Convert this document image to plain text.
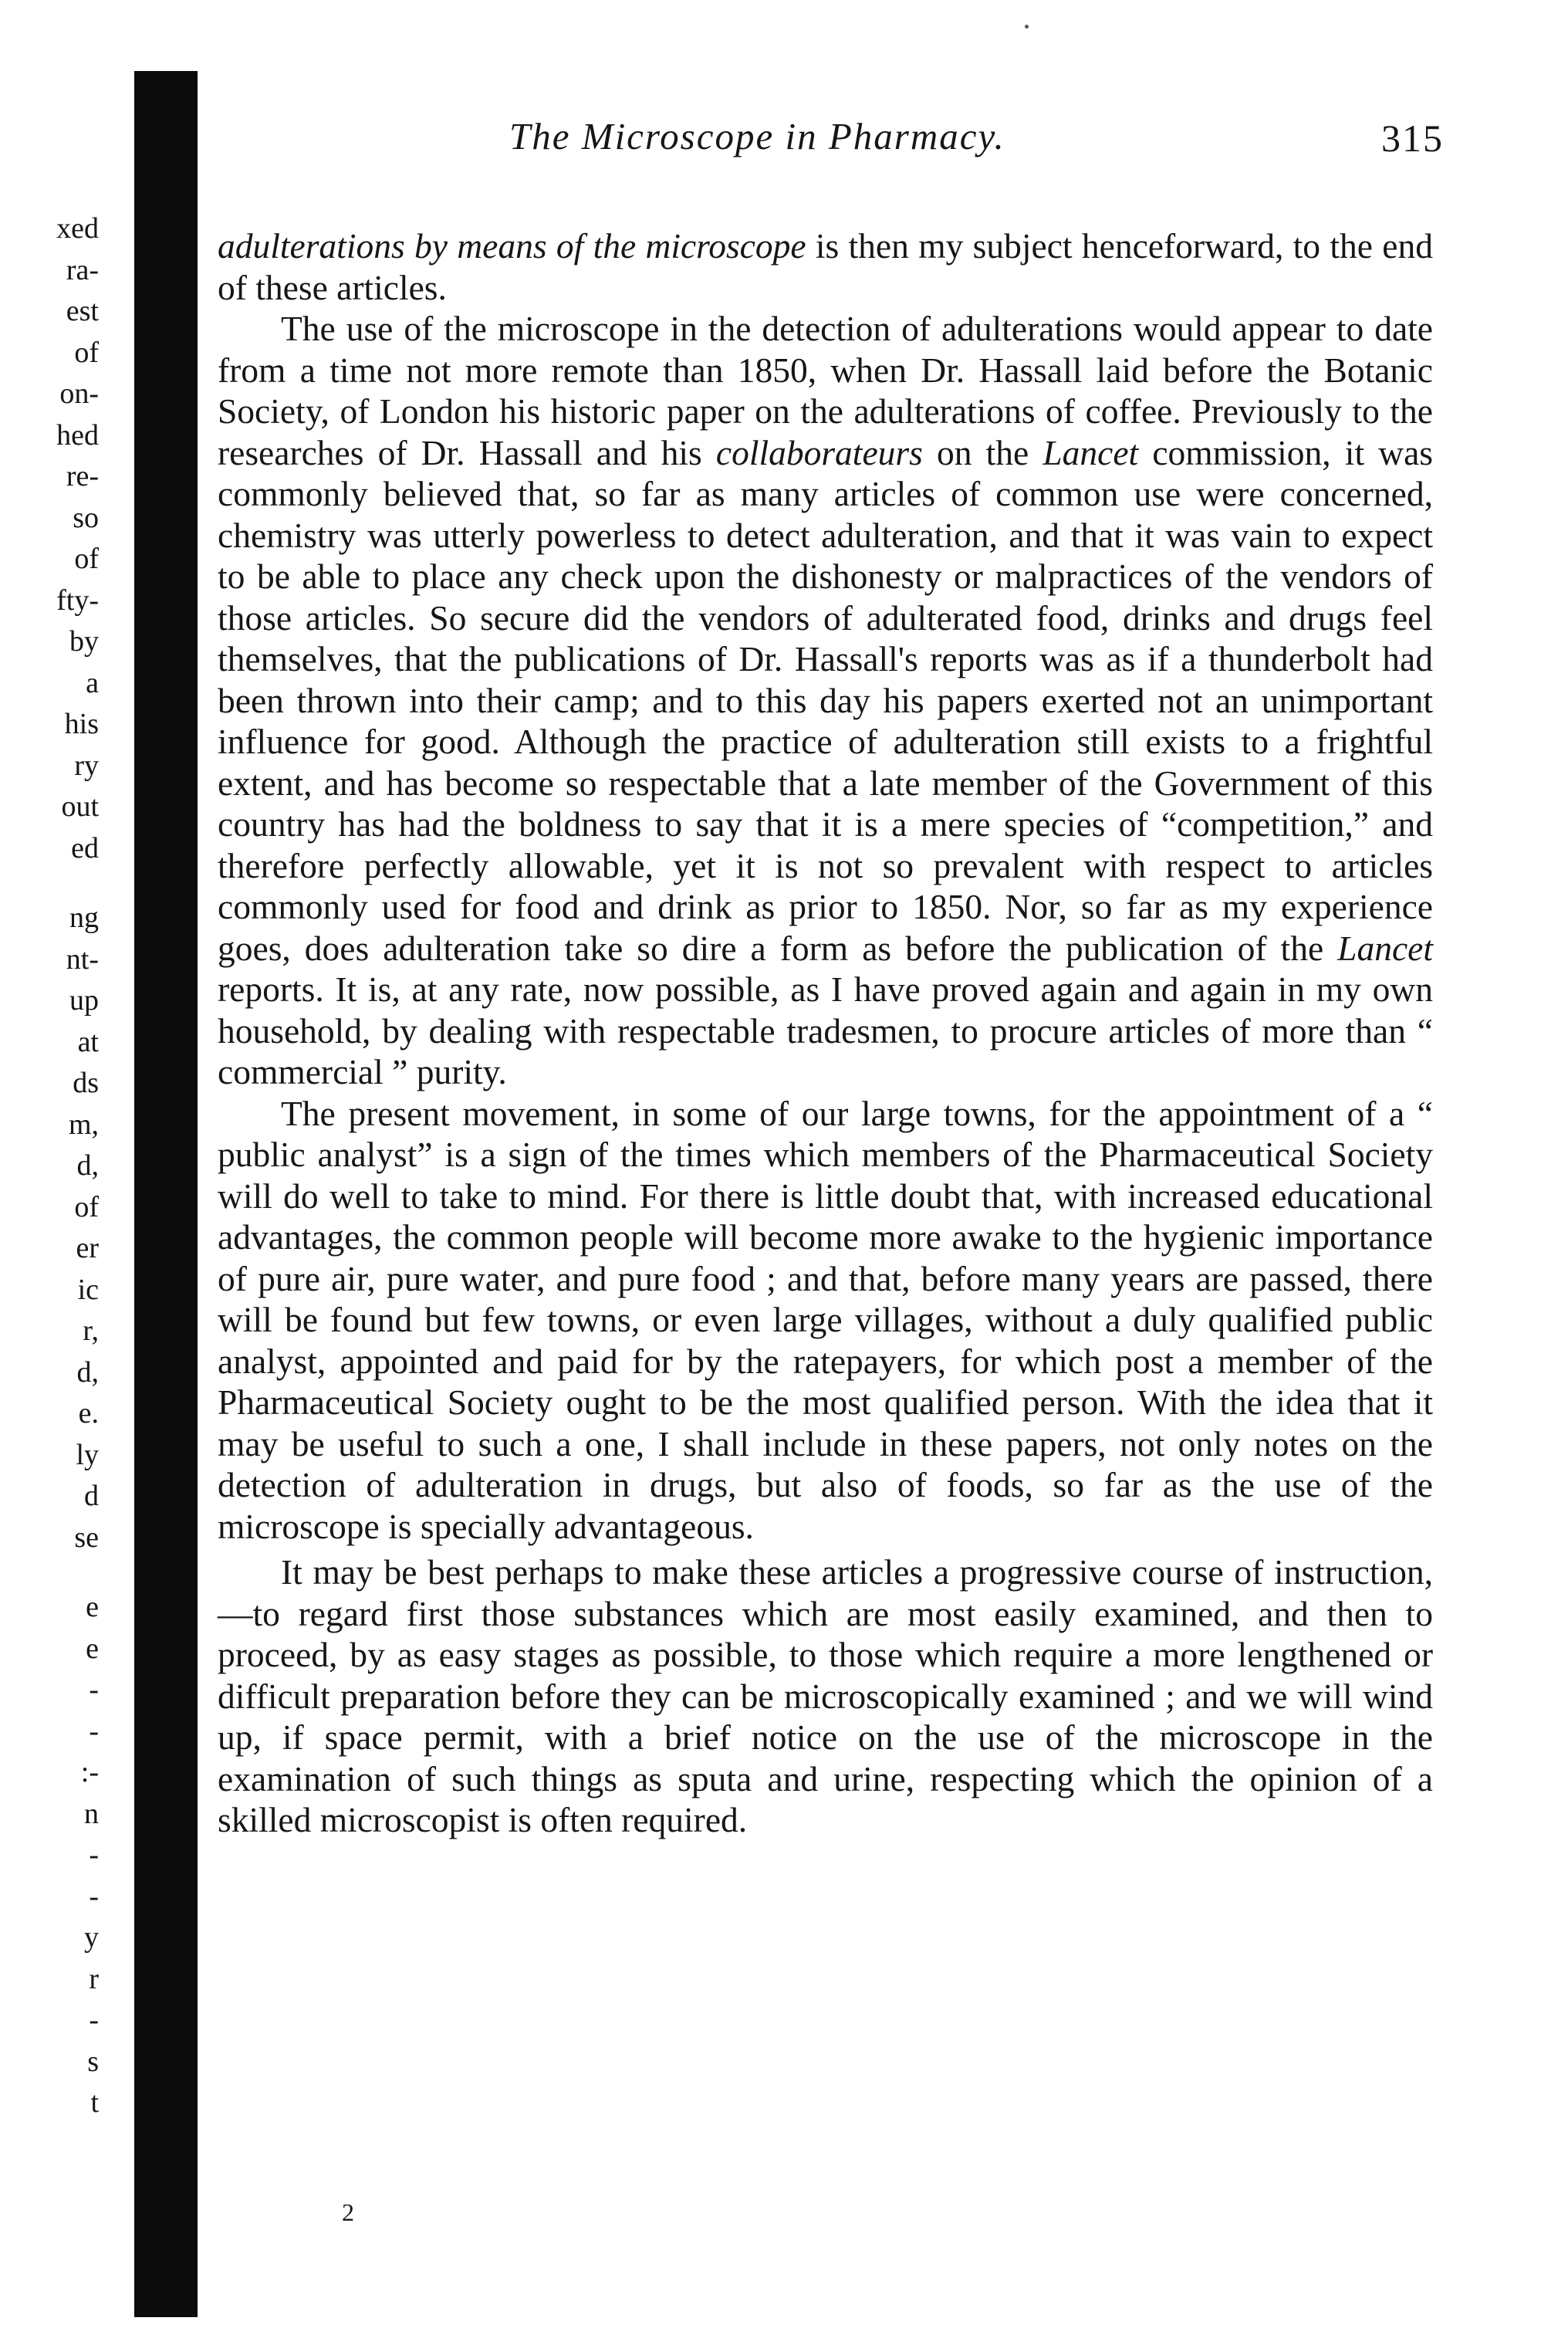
xed
ra-
est
of
on-
hed
re-
so
of
fty-
by
a
his
ry
out
ed
ng
nt-
up
at
ds
m,
d,
of
er
ic
r,
d,
e.
ly
d
se
e
e
-
-
:-
n
-
-
y
r
-
s
t
The Microscope in Pharmacy.	315

adulterations by means of the microscope is then my subject henceforward, to the end of these articles.

The use of the microscope in the detection of adulterations would appear to date from a time not more remote than 1850, when Dr. Hassall laid before the Botanic Society, of London his historic paper on the adulterations of coffee. Previously to the researches of Dr. Hassall and his collaborateurs on the Lancet commission, it was commonly believed that, so far as many articles of common use were concerned, chemistry was utterly powerless to detect adulteration, and that it was vain to expect to be able to place any check upon the dishonesty or malpractices of the vendors of those articles. So secure did the vendors of adulterated food, drinks and drugs feel themselves, that the publications of Dr. Hassall's reports was as if a thunderbolt had been thrown into their camp; and to this day his papers exerted not an unimportant influence for good. Although the practice of adulteration still exists to a frightful extent, and has become so respectable that a late member of the Government of this country has had the boldness to say that it is a mere species of “competition,” and therefore perfectly allowable, yet it is not so prevalent with respect to articles commonly used for food and drink as prior to 1850. Nor, so far as my experience goes, does adulteration take so dire a form as before the publication of the Lancet reports. It is, at any rate, now possible, as I have proved again and again in my own household, by dealing with respectable tradesmen, to procure articles of more than “ commercial ” purity.

The present movement, in some of our large towns, for the appointment of a “ public analyst” is a sign of the times which members of the Pharmaceutical Society will do well to take to mind. For there is little doubt that, with increased educational advantages, the common people will become more awake to the hygienic importance of pure air, pure water, and pure food ; and that, before many years are passed, there will be found but few towns, or even large villages, without a duly qualified public analyst, appointed and paid for by the ratepayers, for which post a member of the Pharmaceutical Society ought to be the most qualified person. With the idea that it may be useful to such a one, I shall include in these papers, not only notes on the detection of adulteration in drugs, but also of foods, so far as the use of the microscope is specially advantageous.

It may be best perhaps to make these articles a progressive course of instruction,—to regard first those substances which are most easily examined, and then to proceed, by as easy stages as possible, to those which require a more lengthened or difficult preparation before they can be microscopically examined ; and we will wind up, if space permit, with a brief notice on the use of the microscope in the examination of such things as sputa and urine, respecting which the opinion of a skilled microscopist is often required.

2
